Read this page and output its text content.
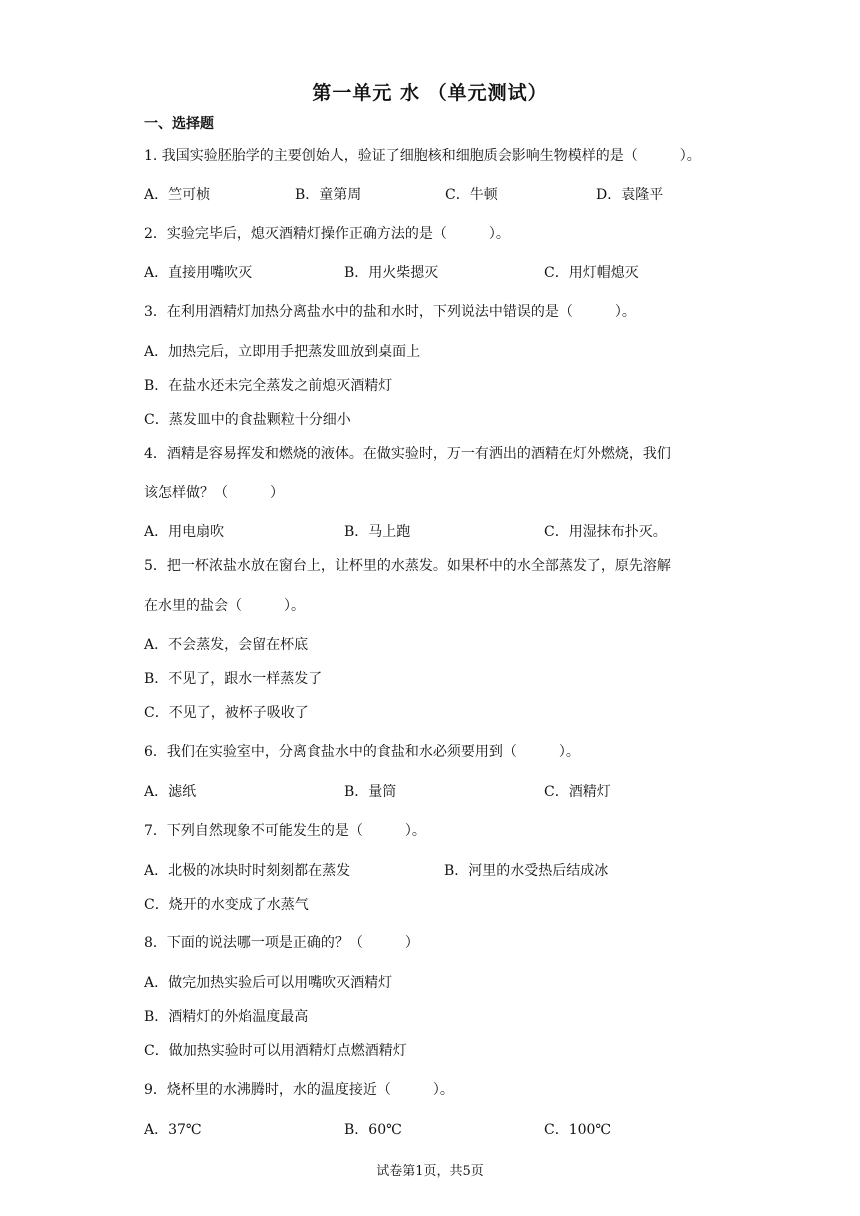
第一单元 水 （单元测试）
一、选择题
1. 我国实验胚胎学的主要创始人，验证了细胞核和细胞质会影响生物模样的是（　　　）。
A．竺可桢	B．童第周	C．牛顿	D．袁隆平
2．实验完毕后，熄灭酒精灯操作正确方法的是（　　　）。
A．直接用嘴吹灭	B．用火柴摁灭	C．用灯帽熄灭
3．在利用酒精灯加热分离盐水中的盐和水时，下列说法中错误的是（　　　）。
A．加热完后，立即用手把蒸发皿放到桌面上
B．在盐水还未完全蒸发之前熄灭酒精灯
C．蒸发皿中的食盐颗粒十分细小
4．酒精是容易挥发和燃烧的液体。在做实验时，万一有洒出的酒精在灯外燃烧，我们
该怎样做？（　　　）
A．用电扇吹	B．马上跑	C．用湿抹布扑灭。
5．把一杯浓盐水放在窗台上，让杯里的水蒸发。如果杯中的水全部蒸发了，原先溶解
在水里的盐会（　　　）。
A．不会蒸发，会留在杯底
B．不见了，跟水一样蒸发了
C．不见了，被杯子吸收了
6．我们在实验室中，分离食盐水中的食盐和水必须要用到（　　　）。
A．滤纸	B．量筒	C．酒精灯
7．下列自然现象不可能发生的是（　　　）。
A．北极的冰块时时刻刻都在蒸发	B．河里的水受热后结成冰
C．烧开的水变成了水蒸气
8．下面的说法哪一项是正确的？（　　　）
A．做完加热实验后可以用嘴吹灭酒精灯
B．酒精灯的外焰温度最高
C．做加热实验时可以用酒精灯点燃酒精灯
9．烧杯里的水沸腾时，水的温度接近（　　　）。
A．37℃	B．60℃	C．100℃
试卷第1页，共5页
